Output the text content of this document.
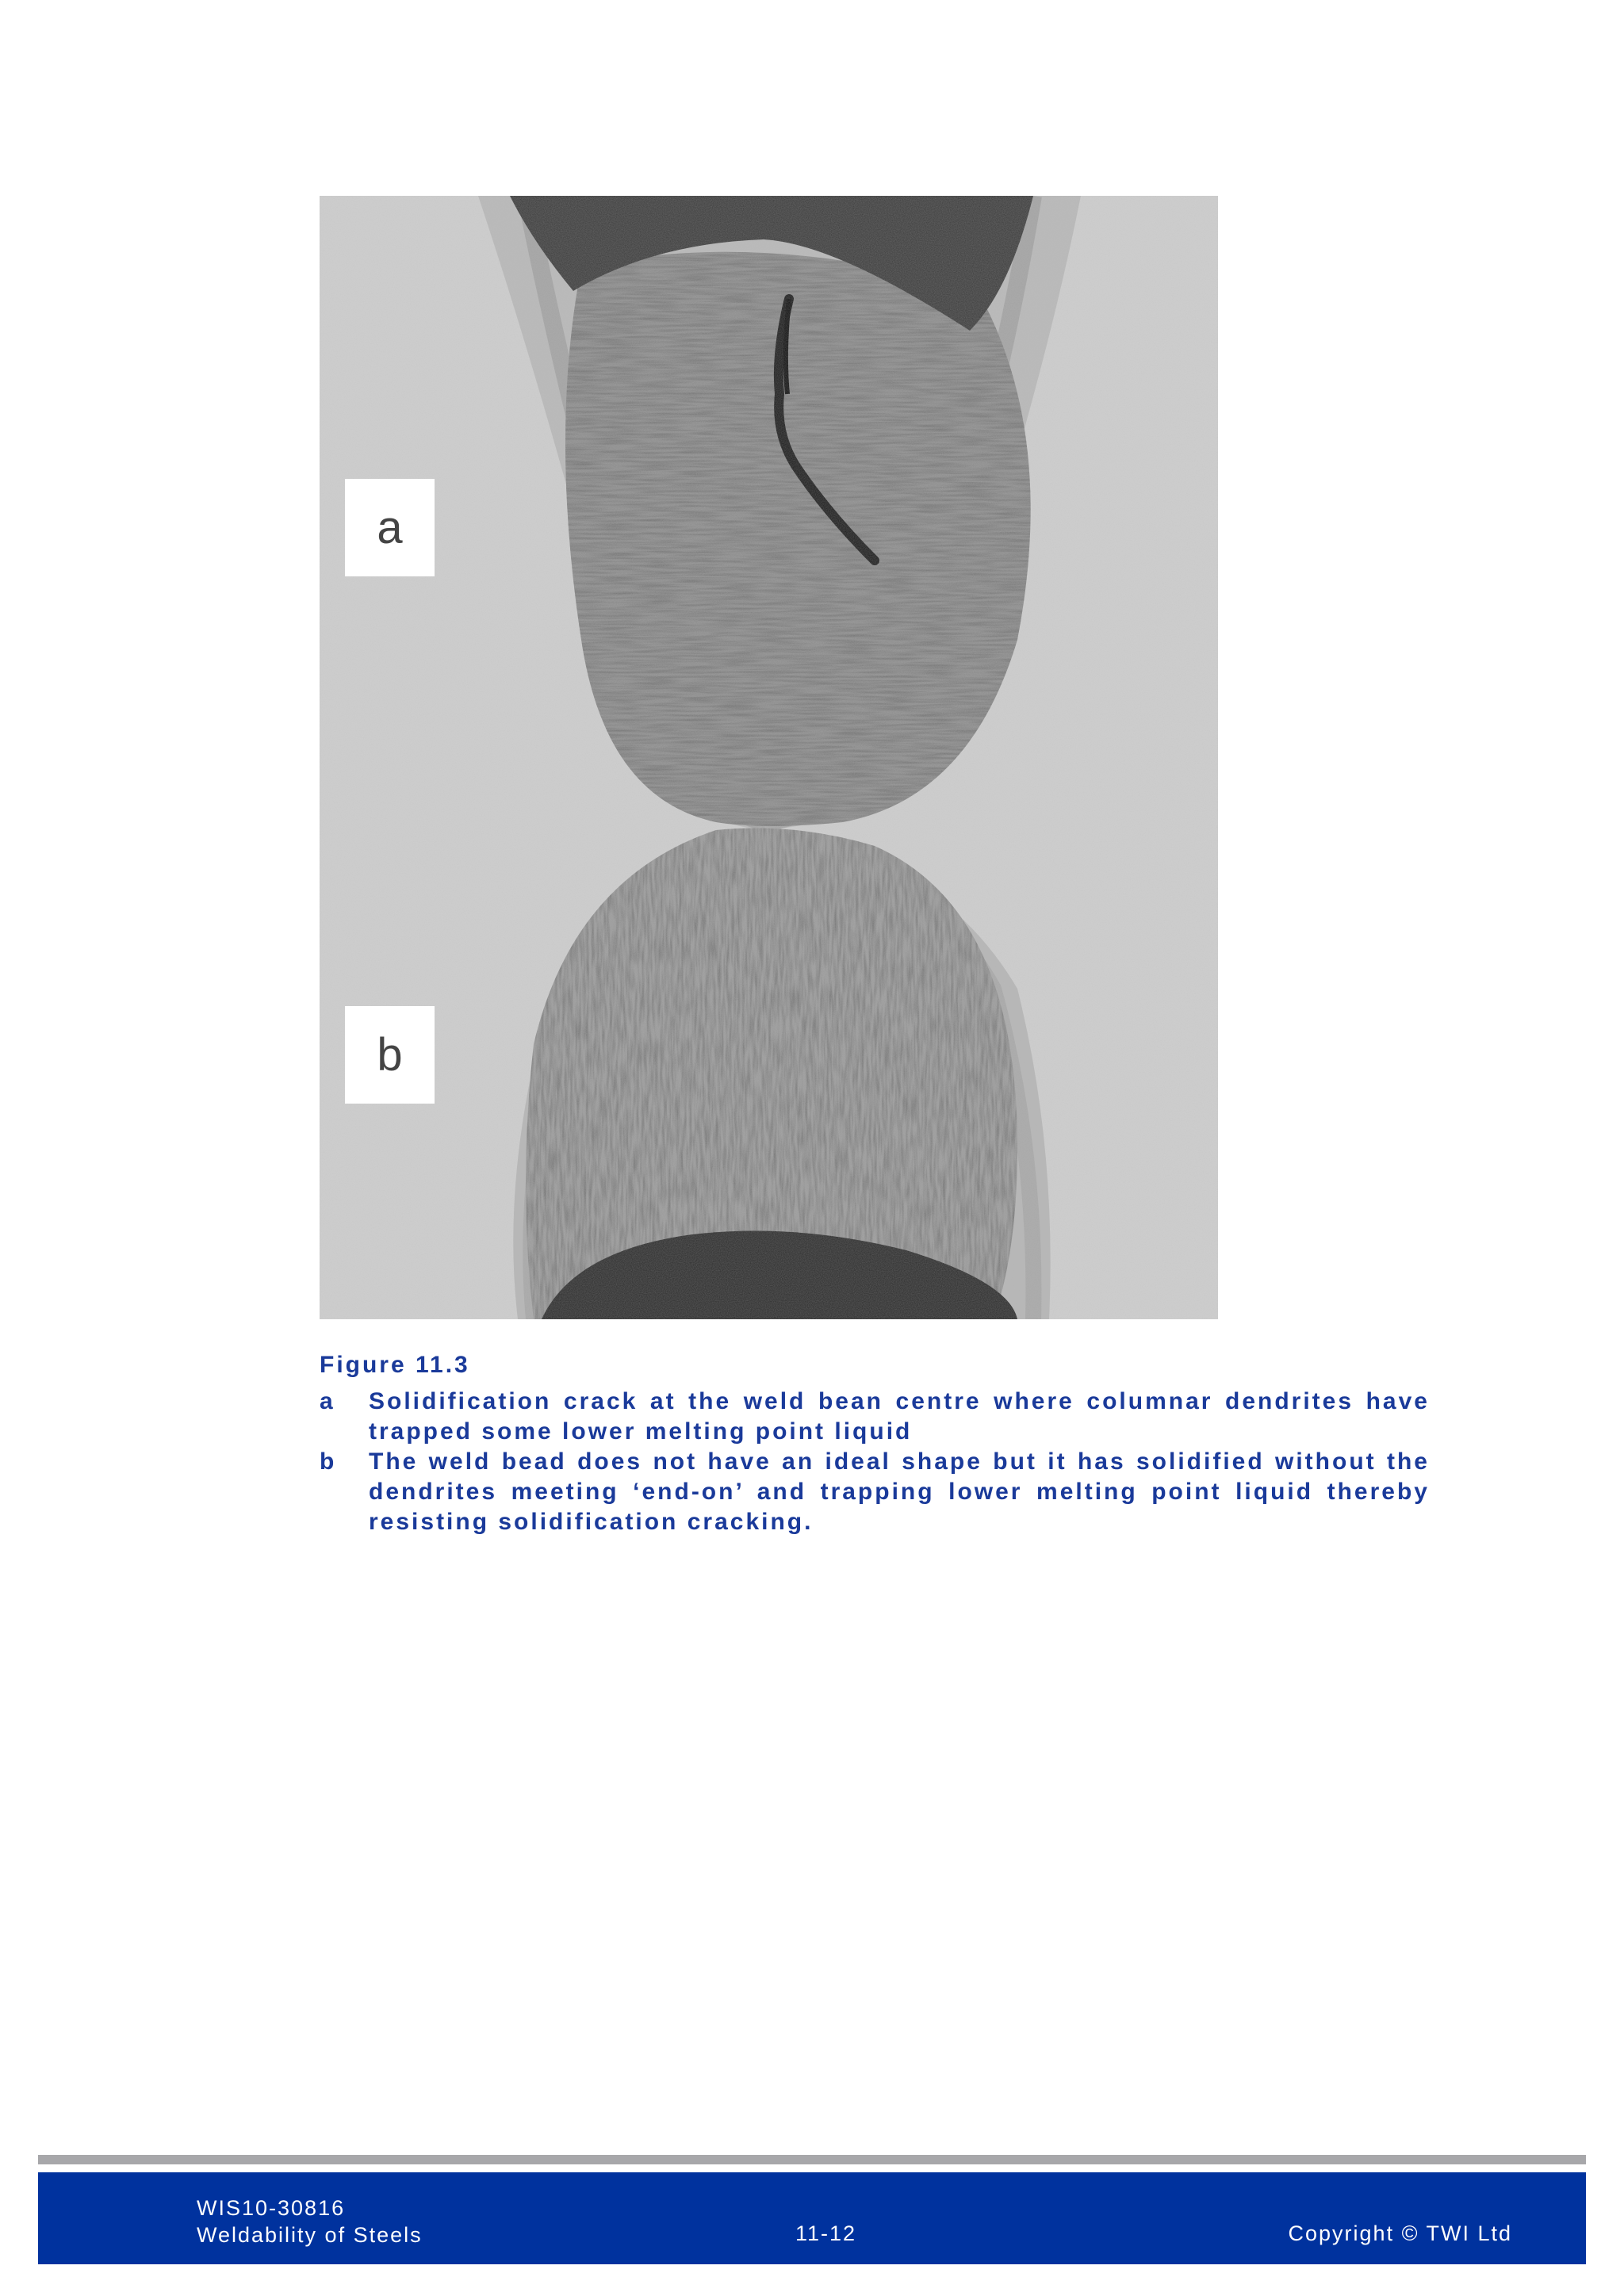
a
b
Figure 11.3
a	Solidification crack at the weld bean centre where columnar dendrites have trapped some lower melting point liquid
b	The weld bead does not have an ideal shape but it has solidified without the dendrites meeting ‘end-on’ and trapping lower melting point liquid thereby resisting solidification cracking.
WIS10-30816
Weldability of Steels	11-12	Copyright © TWI Ltd
